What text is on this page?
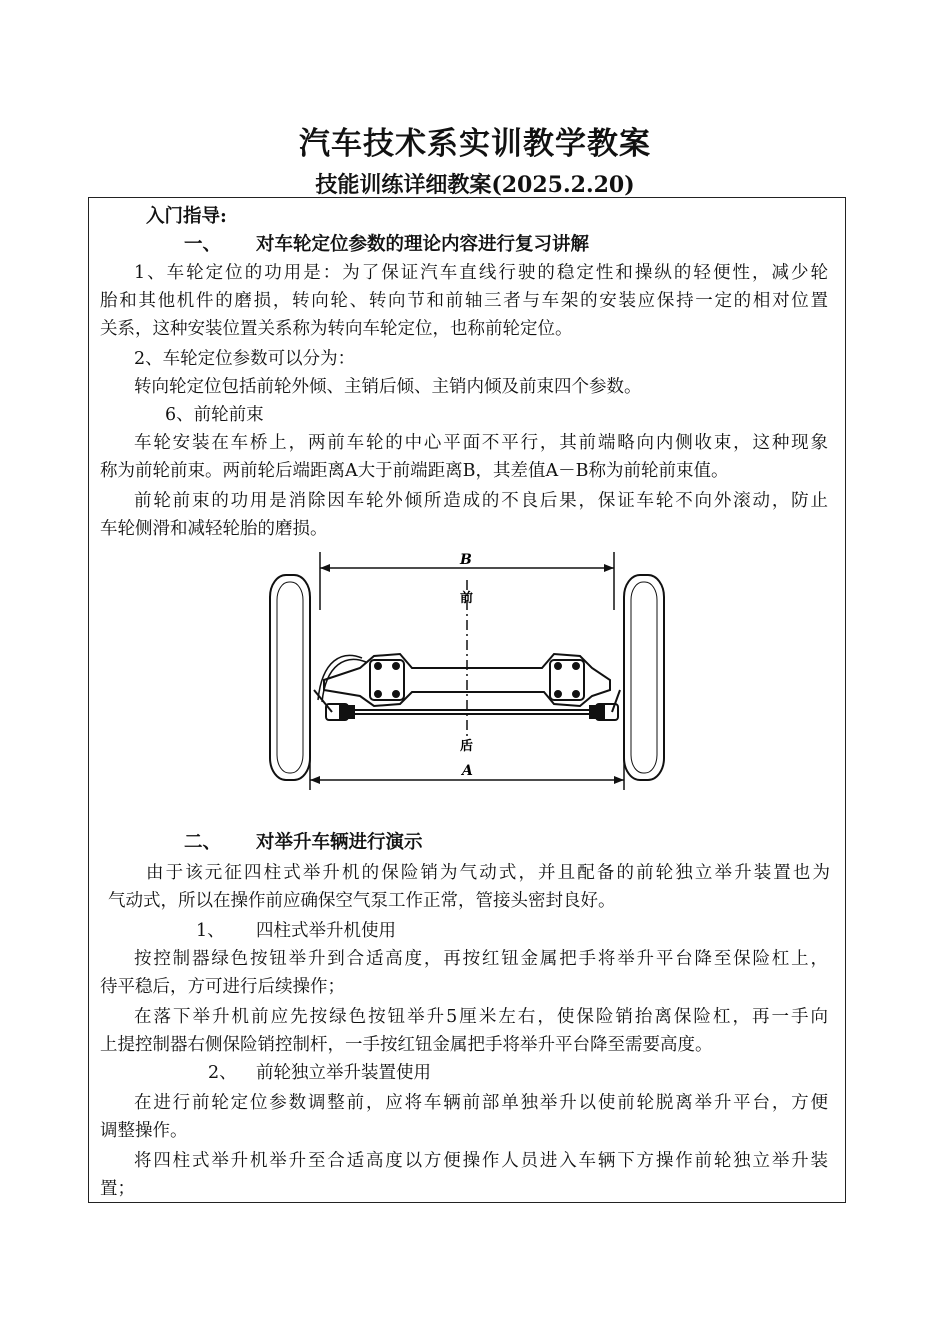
汽车技术系实训教学教案
技能训练详细教案(2025.2.20)
入门指导:
一、 对车轮定位参数的理论内容进行复习讲解
1、车轮定位的功用是：为了保证汽车直线行驶的稳定性和操纵的轻便性，减少轮
胎和其他机件的磨损，转向轮、转向节和前轴三者与车架的安装应保持一定的相对位置
关系，这种安装位置关系称为转向车轮定位，也称前轮定位。
2、车轮定位参数可以分为：
转向轮定位包括前轮外倾、主销后倾、主销内倾及前束四个参数。
6、前轮前束
车轮安装在车桥上，两前车轮的中心平面不平行，其前端略向内侧收束，这种现象
称为前轮前束。两前轮后端距离A大于前端距离B，其差值A－B称为前轮前束值。
前轮前束的功用是消除因车轮外倾所造成的不良后果，保证车轮不向外滚动，防止
车轮侧滑和减轻轮胎的磨损。
B
前
后
A
二、 对举升车辆进行演示
由于该元征四柱式举升机的保险销为气动式，并且配备的前轮独立举升装置也为
气动式，所以在操作前应确保空气泵工作正常，管接头密封良好。
1、 四柱式举升机使用
按控制器绿色按钮举升到合适高度，再按红钮金属把手将举升平台降至保险杠上，
待平稳后，方可进行后续操作；
在落下举升机前应先按绿色按钮举升5厘米左右，使保险销抬离保险杠，再一手向
上提控制器右侧保险销控制杆，一手按红钮金属把手将举升平台降至需要高度。
2、 前轮独立举升装置使用
在进行前轮定位参数调整前，应将车辆前部单独举升以使前轮脱离举升平台，方便
调整操作。
将四柱式举升机举升至合适高度以方便操作人员进入车辆下方操作前轮独立举升装
置；
